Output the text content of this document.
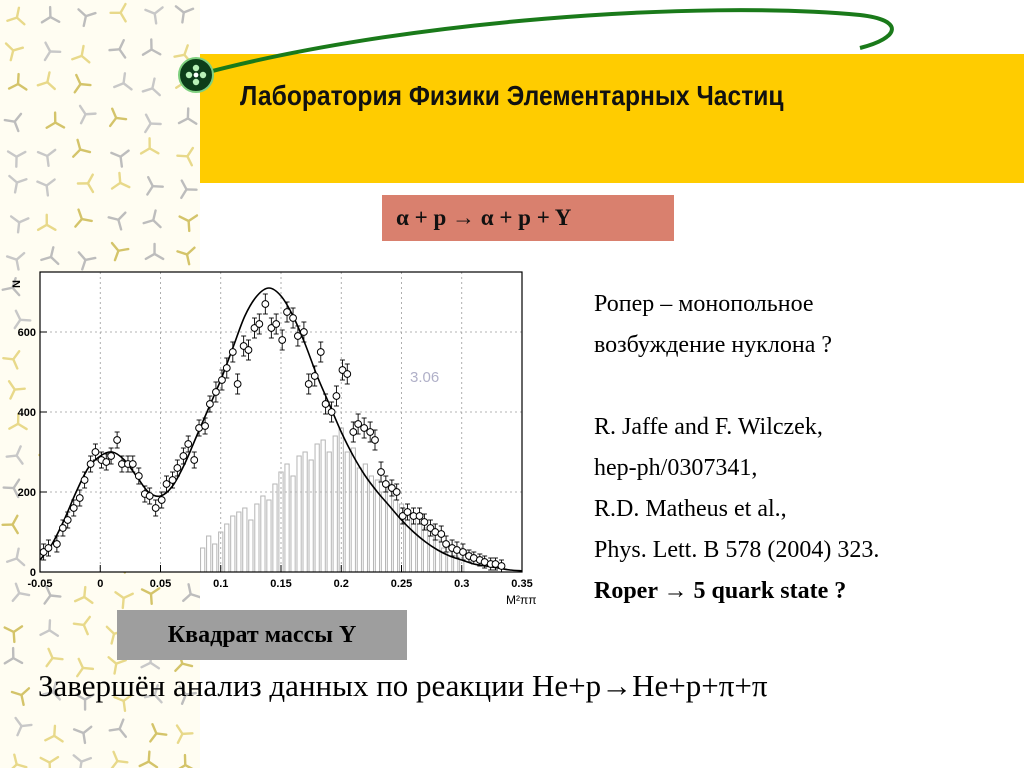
Лаборатория Физики Элементарных Частиц
α + p → α + p + Y
-0.05	0	0.05	0.1	0.15	0.2	0.25	0.3	0.35
0
200
400
600
3.06
N
M²ππ
Ропер – монопольное
возбуждение нуклона ?
R. Jaffe and F. Wilczek,
hep-ph/0307341,
R.D. Matheus et al.,
Phys. Lett. B 578 (2004) 323.
Roper → 5 quark state ?
Квадрат массы Y
Завершён анализ данных по реакции He+p→He+p+π+π
